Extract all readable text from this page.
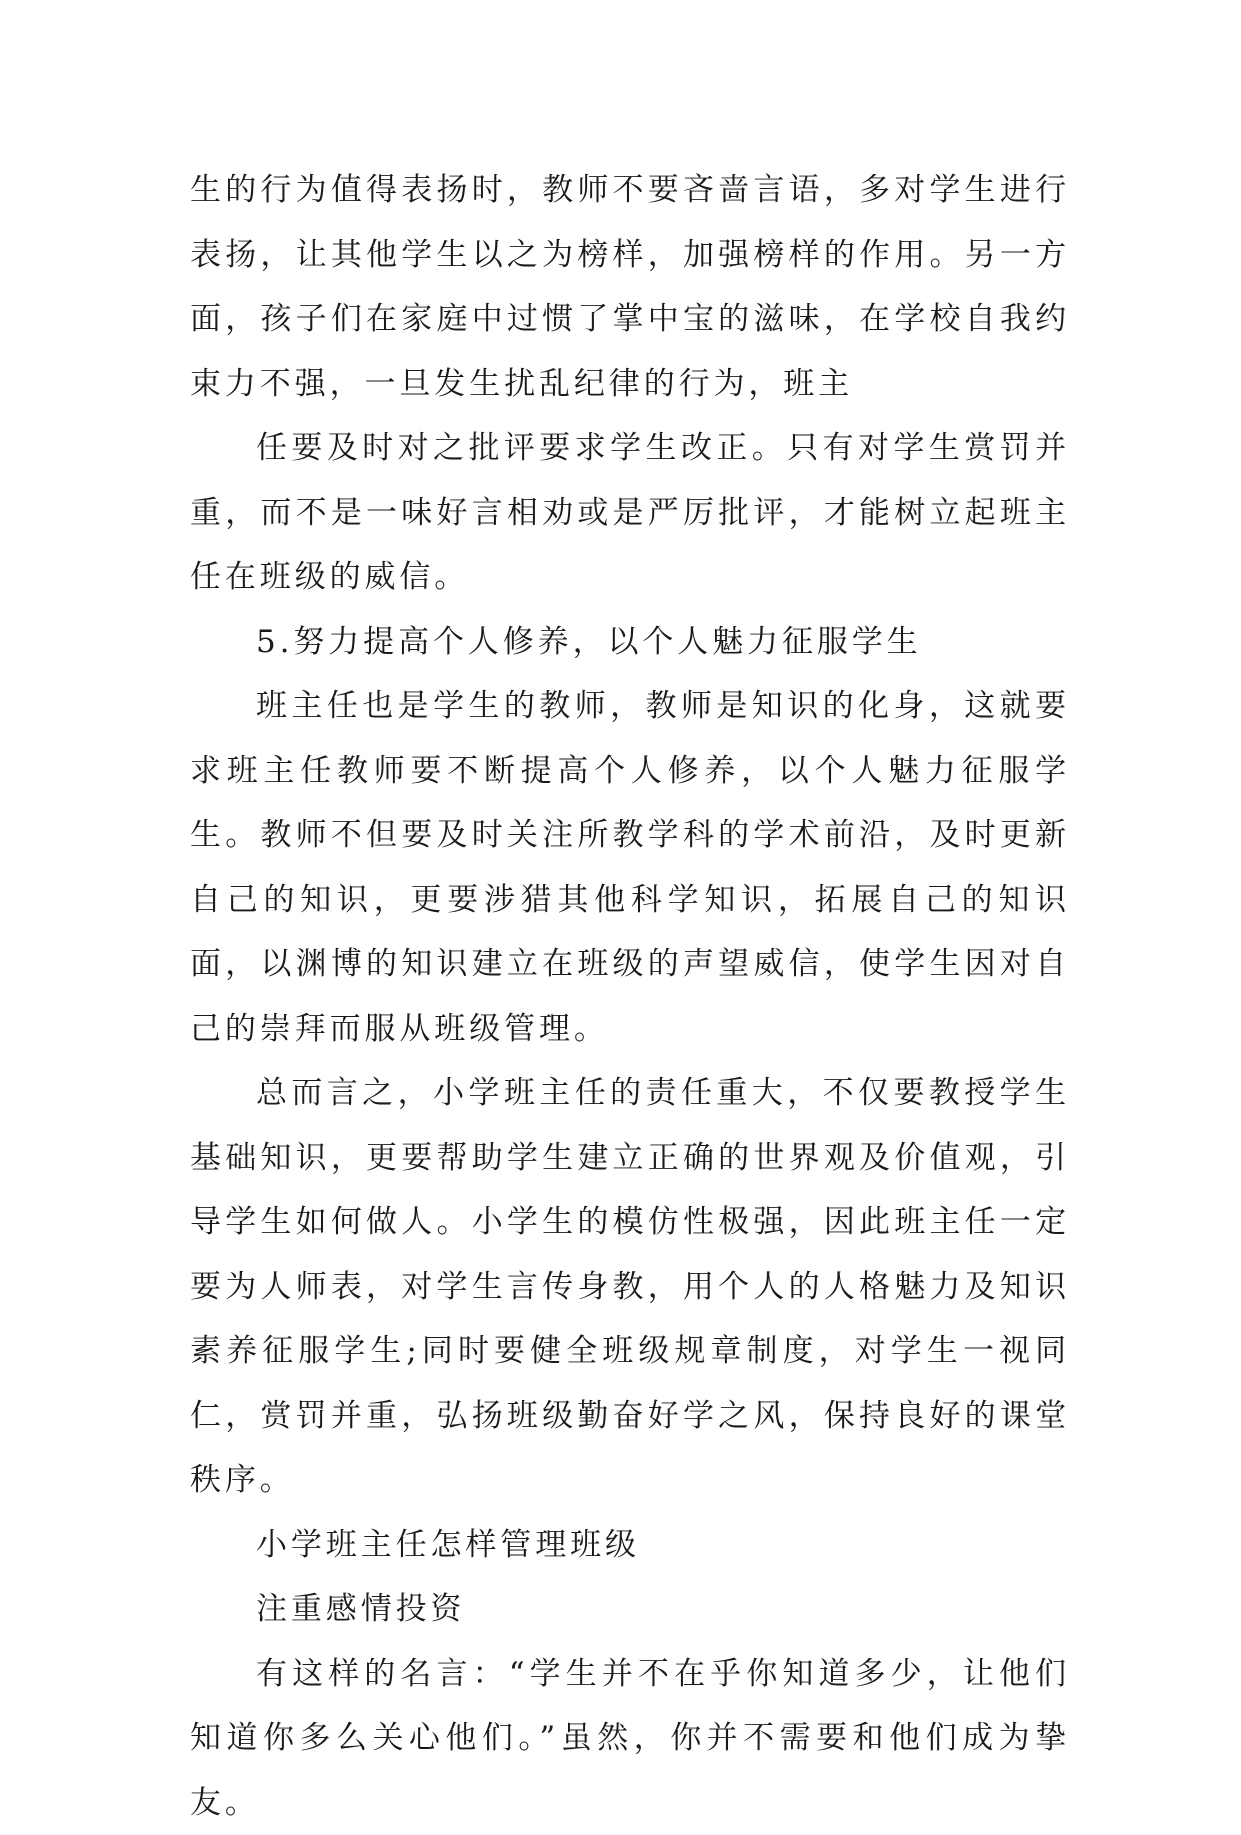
生的行为值得表扬时，教师不要吝啬言语，多对学生进行表扬，让其他学生以之为榜样，加强榜样的作用。另一方面，孩子们在家庭中过惯了掌中宝的滋味，在学校自我约束力不强，一旦发生扰乱纪律的行为，班主

任要及时对之批评要求学生改正。只有对学生赏罚并重，而不是一味好言相劝或是严厉批评，才能树立起班主任在班级的威信。

5.努力提高个人修养，以个人魅力征服学生

班主任也是学生的教师，教师是知识的化身，这就要求班主任教师要不断提高个人修养，以个人魅力征服学生。教师不但要及时关注所教学科的学术前沿，及时更新自己的知识，更要涉猎其他科学知识，拓展自己的知识面，以渊博的知识建立在班级的声望威信，使学生因对自己的崇拜而服从班级管理。

总而言之，小学班主任的责任重大，不仅要教授学生基础知识，更要帮助学生建立正确的世界观及价值观，引导学生如何做人。小学生的模仿性极强，因此班主任一定要为人师表，对学生言传身教，用个人的人格魅力及知识素养征服学生;同时要健全班级规章制度，对学生一视同仁，赏罚并重，弘扬班级勤奋好学之风，保持良好的课堂秩序。

小学班主任怎样管理班级

注重感情投资

有这样的名言：“学生并不在乎你知道多少，让他们知道你多么关心他们。”虽然，你并不需要和他们成为挚友。
